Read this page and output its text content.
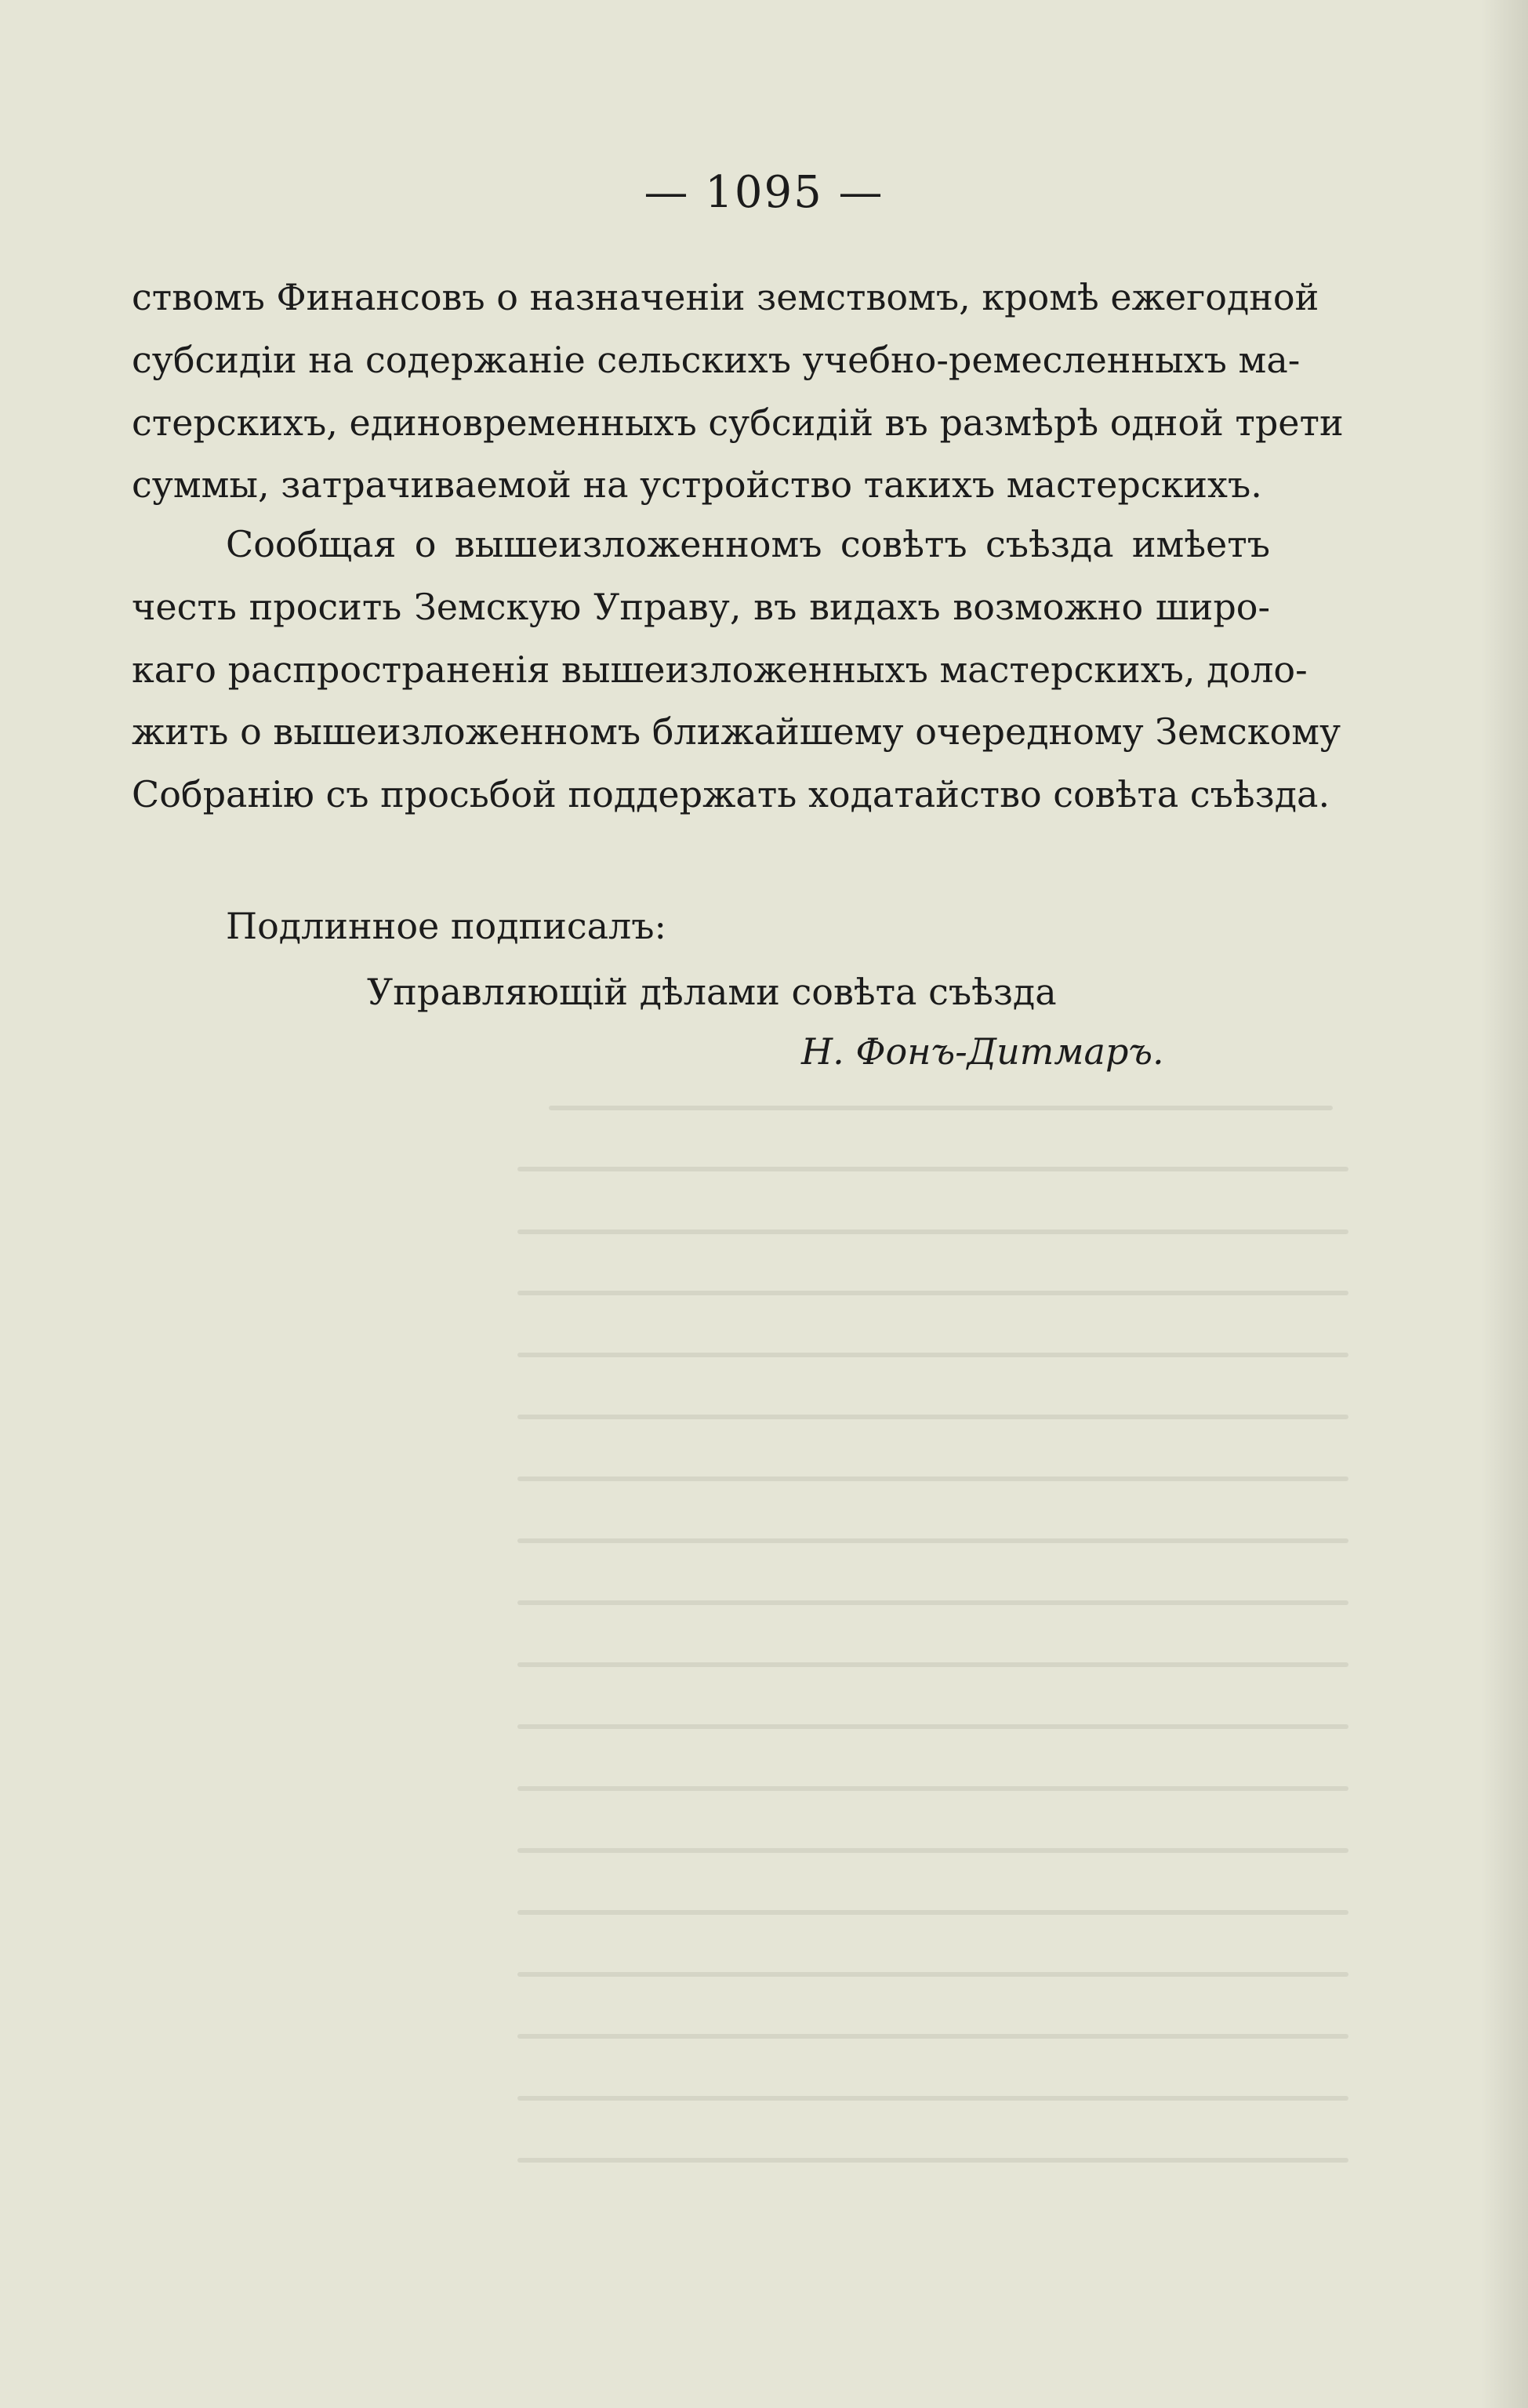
— 1095 —
ствомъ Финансовъ о назначенiи земствомъ, кромѣ ежегодной
субсидiи на содержанiе сельскихъ учебно-ремесленныхъ ма-
стерскихъ, единовременныхъ субсидiй въ размѣрѣ одной трети
суммы, затрачиваемой на устройство такихъ мастерскихъ.
Сообщая о вышеизложенномъ совѣтъ съѣзда имѣетъ
честь просить Земскую Управу, въ видахъ возможно широ-
каго распространенiя вышеизложенныхъ мастерскихъ, доло-
жить о вышеизложенномъ ближайшему очередному Земскому
Собранiю съ просьбой поддержать ходатайство совѣта съѣзда.
Подлинное подписалъ:
Управляющiй дѣлами совѣта съѣзда
Н. Фонъ-Дитмаръ.
